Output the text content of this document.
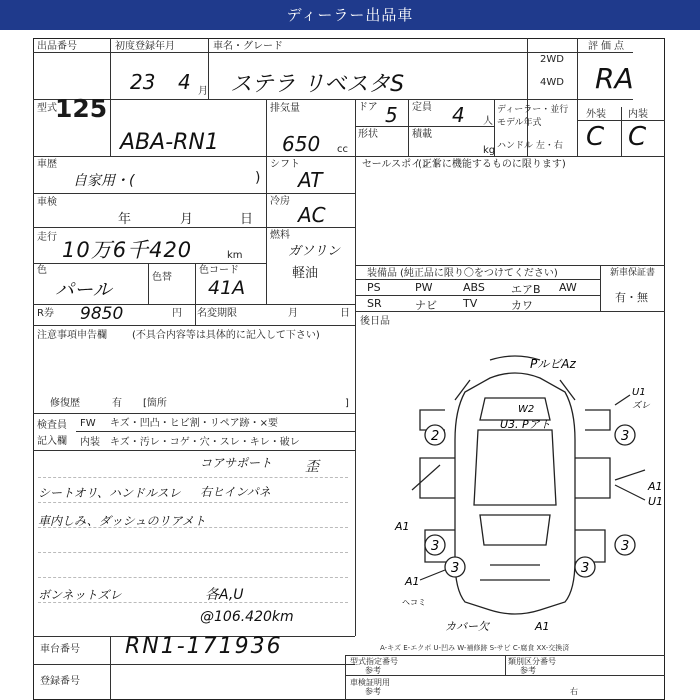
ディーラー出品車
出品番号
125
初度登録年月
23 4 月
車名・グレード
ステラ リベスタS
2WD
4WD
評価点
RA
型式
ABA-RN1
排気量
650 cc
ドア 5 定員 4 人
形状	積載
kg
ディーラー・並行
モデル年式
ハンドル 左・右
外装 内装
C C
車歴
自家用・(	)
シフト
AT
車検
年	月	日
冷房
AC
走行
10万6千420	km
燃料
ガソリン
軽油
色
パール
色替
色コード
41A
R券 9850	円 名変期限	月	日
注意事項申告欄	(不具合内容等は具体的に記入して下さい)
修復歴	有 [箇所	]
検査員
記入欄
FW キズ・凹凸・ヒビ割・リペア跡・×要
内装 キズ・汚レ・コゲ・穴・スレ・キレ・破レ
コアサポート
右ヒインパネ
歪
シートオリ、ハンドルスレ
車内しみ、ダッシュのリアメト
ボンネットズレ	各A,U
@106.420km
セールスポイント
(正常に機能するものに限ります)
装備品 (純正品に限り〇をつけてください)	新車保証書
有・無
後日品
PS	PW	ABS エアB AW
SR	ナビ TV	カワ
2	3
3	3
3	3
PルビAz
W2
U3. Pアト
U1
ズレ
A1
U1
A1
A1
ヘコミ
カバー欠	A1
A-キズ E-エクボ U-凹み W-補修跡 S-サビ C-腐食 XX-交換済
車台番号 RN1-171936
登録番号
型式指定番号
参考
類別区分番号
参考
車検証明用
参考	右
